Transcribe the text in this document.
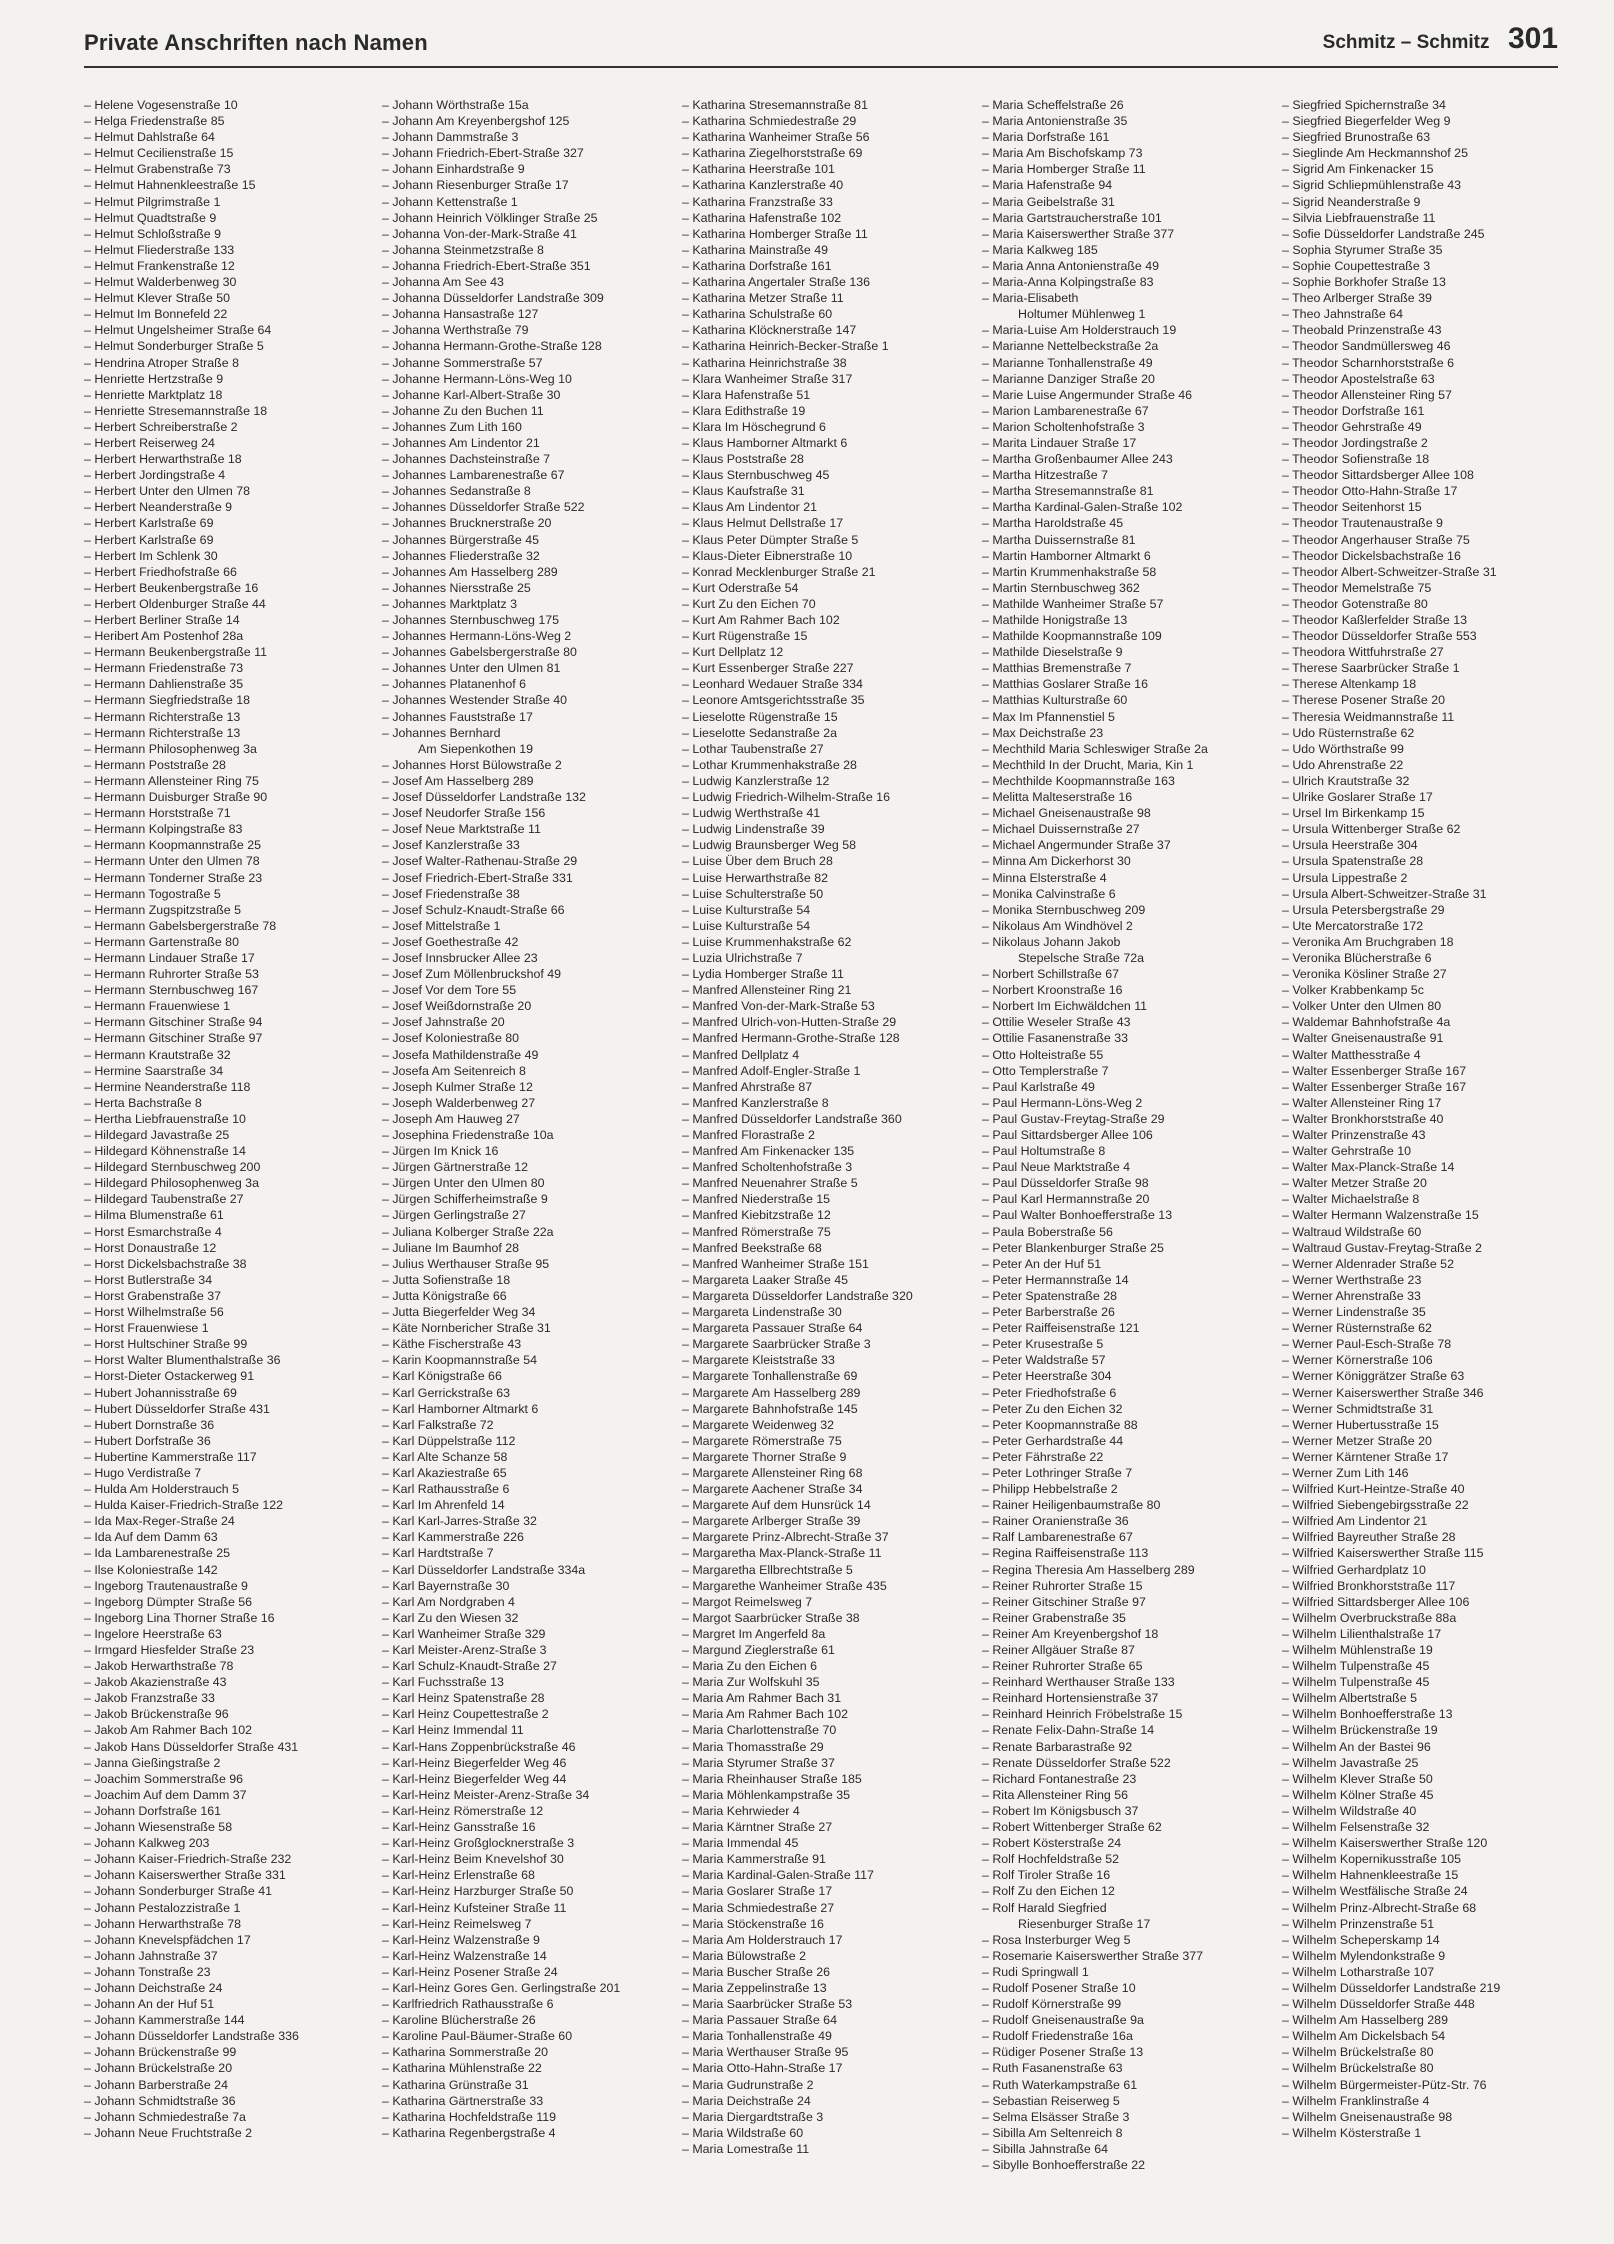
Private Anschriften nach Namen	Schmitz – Schmitz 301
– Helene Vogesenstraße 10
– Helga Friedenstraße 85
– Helmut Dahlstraße 64
– Helmut Cecilienstraße 15
– Helmut Grabenstraße 73
– Helmut Hahnenkleestraße 15
– Helmut Pilgrimstraße 1
– Helmut Quadtstraße 9
– Helmut Schloßstraße 9
– Helmut Fliederstraße 133
– Helmut Frankenstraße 12
– Helmut Walderbenweg 30
– Helmut Klever Straße 50
– Helmut Im Bonnefeld 22
– Helmut Ungelsheimer Straße 64
– Helmut Sonderburger Straße 5
– Hendrina Atroper Straße 8
– Henriette Hertzstraße 9
– Henriette Marktplatz 18
– Henriette Stresemannstraße 18
– Herbert Schreiberstraße 2
– Herbert Reiserweg 24
– Herbert Herwarthstraße 18
– Herbert Jordingstraße 4
– Herbert Unter den Ulmen 78
– Herbert Neanderstraße 9
– Herbert Karlstraße 69
– Herbert Karlstraße 69
– Herbert Im Schlenk 30
– Herbert Friedhofstraße 66
– Herbert Beukenbergstraße 16
– Herbert Oldenburger Straße 44
– Herbert Berliner Straße 14
– Heribert Am Postenhof 28a
– Hermann Beukenbergstraße 11
– Hermann Friedenstraße 73
– Hermann Dahlienstraße 35
– Hermann Siegfriedstraße 18
– Hermann Richterstraße 13
– Hermann Richterstraße 13
– Hermann Philosophenweg 3a
– Hermann Poststraße 28
– Hermann Allensteiner Ring 75
– Hermann Duisburger Straße 90
– Hermann Horststraße 71
– Hermann Kolpingstraße 83
– Hermann Koopmannstraße 25
– Hermann Unter den Ulmen 78
– Hermann Tonderner Straße 23
– Hermann Togostraße 5
– Hermann Zugspitzstraße 5
– Hermann Gabelsbergerstraße 78
– Hermann Gartenstraße 80
– Hermann Lindauer Straße 17
– Hermann Ruhrorter Straße 53
– Hermann Sternbuschweg 167
– Hermann Frauenwiese 1
– Hermann Gitschiner Straße 94
– Hermann Gitschiner Straße 97
– Hermann Krautstraße 32
– Hermine Saarstraße 34
– Hermine Neanderstraße 118
– Herta Bachstraße 8
– Hertha Liebfrauenstraße 10
– Hildegard Javastraße 25
– Hildegard Köhnenstraße 14
– Hildegard Sternbuschweg 200
– Hildegard Philosophenweg 3a
– Hildegard Taubenstraße 27
– Hilma Blumenstraße 61
– Horst Esmarchstraße 4
– Horst Donaustraße 12
– Horst Dickelsbachstraße 38
– Horst Butlerstraße 34
– Horst Grabenstraße 37
– Horst Wilhelmstraße 56
– Horst Frauenwiese 1
– Horst Hultschiner Straße 99
– Horst Walter Blumenthalstraße 36
– Horst-Dieter Ostackerweg 91
– Hubert Johannisstraße 69
– Hubert Düsseldorfer Straße 431
– Hubert Dornstraße 36
– Hubert Dorfstraße 36
– Hubertine Kammerstraße 117
– Hugo Verdistraße 7
– Hulda Am Holderstrauch 5
– Hulda Kaiser-Friedrich-Straße 122
– Ida Max-Reger-Straße 24
– Ida Auf dem Damm 63
– Ida Lambarenestraße 25
– Ilse Koloniestraße 142
– Ingeborg Trautenaustraße 9
– Ingeborg Dümpter Straße 56
– Ingeborg Lina Thorner Straße 16
– Ingelore Heerstraße 63
– Irmgard Hiesfelder Straße 23
– Jakob Herwarthstraße 78
– Jakob Akazienstraße 43
– Jakob Franzstraße 33
– Jakob Brückenstraße 96
– Jakob Am Rahmer Bach 102
– Jakob Hans Düsseldorfer Straße 431
– Janna Gießingstraße 2
– Joachim Sommerstraße 96
– Joachim Auf dem Damm 37
– Johann Dorfstraße 161
– Johann Wiesenstraße 58
– Johann Kalkweg 203
– Johann Kaiser-Friedrich-Straße 232
– Johann Kaiserswerther Straße 331
– Johann Sonderburger Straße 41
– Johann Pestalozzistraße 1
– Johann Herwarthstraße 78
– Johann Knevelspfädchen 17
– Johann Jahnstraße 37
– Johann Tonstraße 23
– Johann Deichstraße 24
– Johann An der Huf 51
– Johann Kammerstraße 144
– Johann Düsseldorfer Landstraße 336
– Johann Brückenstraße 99
– Johann Brückelstraße 20
– Johann Barberstraße 24
– Johann Schmidtstraße 36
– Johann Schmiedestraße 7a
– Johann Neue Fruchtstraße 2
– Johann Wörthstraße 15a
– Johann Am Kreyenbergshof 125
– Johann Dammstraße 3
– Johann Friedrich-Ebert-Straße 327
– Johann Einhardstraße 9
– Johann Riesenburger Straße 17
– Johann Kettenstraße 1
– Johann Heinrich Völklinger Straße 25
– Johanna Von-der-Mark-Straße 41
– Johanna Steinmetzstraße 8
– Johanna Friedrich-Ebert-Straße 351
– Johanna Am See 43
– Johanna Düsseldorfer Landstraße 309
– Johanna Hansastraße 127
– Johanna Werthstraße 79
– Johanna Hermann-Grothe-Straße 128
– Johanne Sommerstraße 57
– Johanne Hermann-Löns-Weg 10
– Johanne Karl-Albert-Straße 30
– Johanne Zu den Buchen 11
– Johannes Zum Lith 160
– Johannes Am Lindentor 21
– Johannes Dachsteinstraße 7
– Johannes Lambarenestraße 67
– Johannes Sedanstraße 8
– Johannes Düsseldorfer Straße 522
– Johannes Brucknerstraße 20
– Johannes Bürgerstraße 45
– Johannes Fliederstraße 32
– Johannes Am Hasselberg 289
– Johannes Niersstraße 25
– Johannes Marktplatz 3
– Johannes Sternbuschweg 175
– Johannes Hermann-Löns-Weg 2
– Johannes Gabelsbergerstraße 80
– Johannes Unter den Ulmen 81
– Johannes Platanenhof 6
– Johannes Westender Straße 40
– Johannes Fauststraße 17
– Johannes Bernhard
Am Siepenkothen 19
– Johannes Horst Bülowstraße 2
– Josef Am Hasselberg 289
– Josef Düsseldorfer Landstraße 132
– Josef Neudorfer Straße 156
– Josef Neue Marktstraße 11
– Josef Kanzlerstraße 33
– Josef Walter-Rathenau-Straße 29
– Josef Friedrich-Ebert-Straße 331
– Josef Friedenstraße 38
– Josef Schulz-Knaudt-Straße 66
– Josef Mittelstraße 1
– Josef Goethestraße 42
– Josef Innsbrucker Allee 23
– Josef Zum Möllenbruckshof 49
– Josef Vor dem Tore 55
– Josef Weißdornstraße 20
– Josef Jahnstraße 20
– Josef Koloniestraße 80
– Josefa Mathildenstraße 49
– Josefa Am Seitenreich 8
– Joseph Kulmer Straße 12
– Joseph Walderbenweg 27
– Joseph Am Hauweg 27
– Josephina Friedenstraße 10a
– Jürgen Im Knick 16
– Jürgen Gärtnerstraße 12
– Jürgen Unter den Ulmen 80
– Jürgen Schifferheimstraße 9
– Jürgen Gerlingstraße 27
– Juliana Kolberger Straße 22a
– Juliane Im Baumhof 28
– Julius Werthauser Straße 95
– Jutta Sofienstraße 18
– Jutta Königstraße 66
– Jutta Biegerfelder Weg 34
– Käte Nornbericher Straße 31
– Käthe Fischerstraße 43
– Karin Koopmannstraße 54
– Karl Königstraße 66
– Karl Gerrickstraße 63
– Karl Hamborner Altmarkt 6
– Karl Falkstraße 72
– Karl Düppelstraße 112
– Karl Alte Schanze 58
– Karl Akaziestraße 65
– Karl Rathausstraße 6
– Karl Im Ahrenfeld 14
– Karl Karl-Jarres-Straße 32
– Karl Kammerstraße 226
– Karl Hardtstraße 7
– Karl Düsseldorfer Landstraße 334a
– Karl Bayernstraße 30
– Karl Am Nordgraben 4
– Karl Zu den Wiesen 32
– Karl Wanheimer Straße 329
– Karl Meister-Arenz-Straße 3
– Karl Schulz-Knaudt-Straße 27
– Karl Fuchsstraße 13
– Karl Heinz Spatenstraße 28
– Karl Heinz Coupettestraße 2
– Karl Heinz Immendal 11
– Karl-Hans Zoppenbrückstraße 46
– Karl-Heinz Biegerfelder Weg 46
– Karl-Heinz Biegerfelder Weg 44
– Karl-Heinz Meister-Arenz-Straße 34
– Karl-Heinz Römerstraße 12
– Karl-Heinz Gansstraße 16
– Karl-Heinz Großglocknerstraße 3
– Karl-Heinz Beim Knevelshof 30
– Karl-Heinz Erlenstraße 68
– Karl-Heinz Harzburger Straße 50
– Karl-Heinz Kufsteiner Straße 11
– Karl-Heinz Reimelsweg 7
– Karl-Heinz Walzenstraße 9
– Karl-Heinz Walzenstraße 14
– Karl-Heinz Posener Straße 24
– Karl-Heinz Gores Gen. Gerlingstraße 201
– Karlfriedrich Rathausstraße 6
– Karoline Blücherstraße 26
– Karoline Paul-Bäumer-Straße 60
– Katharina Sommerstraße 20
– Katharina Mühlenstraße 22
– Katharina Grünstraße 31
– Katharina Gärtnerstraße 33
– Katharina Hochfeldstraße 119
– Katharina Regenbergstraße 4
– Katharina Stresemannstraße 81
– Katharina Schmiedestraße 29
– Katharina Wanheimer Straße 56
– Katharina Ziegelhorststraße 69
– Katharina Heerstraße 101
– Katharina Kanzlerstraße 40
– Katharina Franzstraße 33
– Katharina Hafenstraße 102
– Katharina Homberger Straße 11
– Katharina Mainstraße 49
– Katharina Dorfstraße 161
– Katharina Angertaler Straße 136
– Katharina Metzer Straße 11
– Katharina Schulstraße 60
– Katharina Klöcknerstraße 147
– Katharina Heinrich-Becker-Straße 1
– Katharina Heinrichstraße 38
– Klara Wanheimer Straße 317
– Klara Hafenstraße 51
– Klara Edithstraße 19
– Klara Im Höschegrund 6
– Klaus Hamborner Altmarkt 6
– Klaus Poststraße 28
– Klaus Sternbuschweg 45
– Klaus Kaufstraße 31
– Klaus Am Lindentor 21
– Klaus Helmut Dellstraße 17
– Klaus Peter Dümpter Straße 5
– Klaus-Dieter Eibnerstraße 10
– Konrad Mecklenburger Straße 21
– Kurt Oderstraße 54
– Kurt Zu den Eichen 70
– Kurt Am Rahmer Bach 102
– Kurt Rügenstraße 15
– Kurt Dellplatz 12
– Kurt Essenberger Straße 227
– Leonhard Wedauer Straße 334
– Leonore Amtsgerichtsstraße 35
– Lieselotte Rügenstraße 15
– Lieselotte Sedanstraße 2a
– Lothar Taubenstraße 27
– Lothar Krummenhakstraße 28
– Ludwig Kanzlerstraße 12
– Ludwig Friedrich-Wilhelm-Straße 16
– Ludwig Werthstraße 41
– Ludwig Lindenstraße 39
– Ludwig Braunsberger Weg 58
– Luise Über dem Bruch 28
– Luise Herwarthstraße 82
– Luise Schulterstraße 50
– Luise Kulturstraße 54
– Luise Kulturstraße 54
– Luise Krummenhakstraße 62
– Luzia Ulrichstraße 7
– Lydia Homberger Straße 11
– Manfred Allensteiner Ring 21
– Manfred Von-der-Mark-Straße 53
– Manfred Ulrich-von-Hutten-Straße 29
– Manfred Hermann-Grothe-Straße 128
– Manfred Dellplatz 4
– Manfred Adolf-Engler-Straße 1
– Manfred Ahrstraße 87
– Manfred Kanzlerstraße 8
– Manfred Düsseldorfer Landstraße 360
– Manfred Florastraße 2
– Manfred Am Finkenacker 135
– Manfred Scholtenhofstraße 3
– Manfred Neuenahrer Straße 5
– Manfred Niederstraße 15
– Manfred Kiebitzstraße 12
– Manfred Römerstraße 75
– Manfred Beekstraße 68
– Manfred Wanheimer Straße 151
– Margareta Laaker Straße 45
– Margareta Düsseldorfer Landstraße 320
– Margareta Lindenstraße 30
– Margareta Passauer Straße 64
– Margarete Saarbrücker Straße 3
– Margarete Kleiststraße 33
– Margarete Tonhallenstraße 69
– Margarete Am Hasselberg 289
– Margarete Bahnhofstraße 145
– Margarete Weidenweg 32
– Margarete Römerstraße 75
– Margarete Thorner Straße 9
– Margarete Allensteiner Ring 68
– Margarete Aachener Straße 34
– Margarete Auf dem Hunsrück 14
– Margarete Arlberger Straße 39
– Margarete Prinz-Albrecht-Straße 37
– Margaretha Max-Planck-Straße 11
– Margaretha Ellbrechtstraße 5
– Margarethe Wanheimer Straße 435
– Margot Reimelsweg 7
– Margot Saarbrücker Straße 38
– Margret Im Angerfeld 8a
– Margund Zieglerstraße 61
– Maria Zu den Eichen 6
– Maria Zur Wolfskuhl 35
– Maria Am Rahmer Bach 31
– Maria Am Rahmer Bach 102
– Maria Charlottenstraße 70
– Maria Thomasstraße 29
– Maria Styrumer Straße 37
– Maria Rheinhauser Straße 185
– Maria Möhlenkampstraße 35
– Maria Kehrwieder 4
– Maria Kärntner Straße 27
– Maria Immendal 45
– Maria Kammerstraße 91
– Maria Kardinal-Galen-Straße 117
– Maria Goslarer Straße 17
– Maria Schmiedestraße 27
– Maria Stöckenstraße 16
– Maria Am Holderstrauch 17
– Maria Bülowstraße 2
– Maria Buscher Straße 26
– Maria Zeppelinstraße 13
– Maria Saarbrücker Straße 53
– Maria Passauer Straße 64
– Maria Tonhallenstraße 49
– Maria Werthauser Straße 95
– Maria Otto-Hahn-Straße 17
– Maria Gudrunstraße 2
– Maria Deichstraße 24
– Maria Diergardtstraße 3
– Maria Wildstraße 60
– Maria Lomestraße 11
– Maria Scheffelstraße 26
– Maria Antonienstraße 35
– Maria Dorfstraße 161
– Maria Am Bischofskamp 73
– Maria Homberger Straße 11
– Maria Hafenstraße 94
– Maria Geibelstraße 31
– Maria Gartstraucherstraße 101
– Maria Kaiserswerther Straße 377
– Maria Kalkweg 185
– Maria Anna Antonienstraße 49
– Maria-Anna Kolpingstraße 83
– Maria-Elisabeth
Holtumer Mühlenweg 1
– Maria-Luise Am Holderstrauch 19
– Marianne Nettelbeckstraße 2a
– Marianne Tonhallenstraße 49
– Marianne Danziger Straße 20
– Marie Luise Angermunder Straße 46
– Marion Lambarenestraße 67
– Marion Scholtenhofstraße 3
– Marita Lindauer Straße 17
– Martha Großenbaumer Allee 243
– Martha Hitzestraße 7
– Martha Stresemannstraße 81
– Martha Kardinal-Galen-Straße 102
– Martha Haroldstraße 45
– Martha Duissernstraße 81
– Martin Hamborner Altmarkt 6
– Martin Krummenhakstraße 58
– Martin Sternbuschweg 362
– Mathilde Wanheimer Straße 57
– Mathilde Honigstraße 13
– Mathilde Koopmannstraße 109
– Mathilde Dieselstraße 9
– Matthias Bremenstraße 7
– Matthias Goslarer Straße 16
– Matthias Kulturstraße 60
– Max Im Pfannenstiel 5
– Max Deichstraße 23
– Mechthild Maria Schleswiger Straße 2a
– Mechthild In der Drucht, Maria, Kin 1
– Mechthilde Koopmannstraße 163
– Melitta Malteserstraße 16
– Michael Gneisenaustraße 98
– Michael Duissernstraße 27
– Michael Angermunder Straße 37
– Minna Am Dickerhorst 30
– Minna Elsterstraße 4
– Monika Calvinstraße 6
– Monika Sternbuschweg 209
– Nikolaus Am Windhövel 2
– Nikolaus Johann Jakob
Stepelsche Straße 72a
– Norbert Schillstraße 67
– Norbert Kroonstraße 16
– Norbert Im Eichwäldchen 11
– Ottilie Weseler Straße 43
– Ottilie Fasanenstraße 33
– Otto Holteistraße 55
– Otto Templerstraße 7
– Paul Karlstraße 49
– Paul Hermann-Löns-Weg 2
– Paul Gustav-Freytag-Straße 29
– Paul Sittardsberger Allee 106
– Paul Holtumstraße 8
– Paul Neue Marktstraße 4
– Paul Düsseldorfer Straße 98
– Paul Karl Hermannstraße 20
– Paul Walter Bonhoefferstraße 13
– Paula Boberstraße 56
– Peter Blankenburger Straße 25
– Peter An der Huf 51
– Peter Hermannstraße 14
– Peter Spatenstraße 28
– Peter Barberstraße 26
– Peter Raiffeisenstraße 121
– Peter Krusestraße 5
– Peter Waldstraße 57
– Peter Heerstraße 304
– Peter Friedhofstraße 6
– Peter Zu den Eichen 32
– Peter Koopmannstraße 88
– Peter Gerhardstraße 44
– Peter Fährstraße 22
– Peter Lothringer Straße 7
– Philipp Hebbelstraße 2
– Rainer Heiligenbaumstraße 80
– Rainer Oranienstraße 36
– Ralf Lambarenestraße 67
– Regina Raiffeisenstraße 113
– Regina Theresia Am Hasselberg 289
– Reiner Ruhrorter Straße 15
– Reiner Gitschiner Straße 97
– Reiner Grabenstraße 35
– Reiner Am Kreyenbergshof 18
– Reiner Allgäuer Straße 87
– Reiner Ruhrorter Straße 65
– Reinhard Werthauser Straße 133
– Reinhard Hortensienstraße 37
– Reinhard Heinrich Fröbelstraße 15
– Renate Felix-Dahn-Straße 14
– Renate Barbarastraße 92
– Renate Düsseldorfer Straße 522
– Richard Fontanestraße 23
– Rita Allensteiner Ring 56
– Robert Im Königsbusch 37
– Robert Wittenberger Straße 62
– Robert Kösterstraße 24
– Rolf Hochfeldstraße 52
– Rolf Tiroler Straße 16
– Rolf Zu den Eichen 12
– Rolf Harald Siegfried
Riesenburger Straße 17
– Rosa Insterburger Weg 5
– Rosemarie Kaiserswerther Straße 377
– Rudi Springwall 1
– Rudolf Posener Straße 10
– Rudolf Körnerstraße 99
– Rudolf Gneisenaustraße 9a
– Rudolf Friedenstraße 16a
– Rüdiger Posener Straße 13
– Ruth Fasanenstraße 63
– Ruth Waterkampstraße 61
– Sebastian Reiserweg 5
– Selma Elsässer Straße 3
– Sibilla Am Seltenreich 8
– Sibilla Jahnstraße 64
– Sibylle Bonhoefferstraße 22
– Siegfried Spichernstraße 34
– Siegfried Biegerfelder Weg 9
– Siegfried Brunostraße 63
– Sieglinde Am Heckmannshof 25
– Sigrid Am Finkenacker 15
– Sigrid Schliepmühlenstraße 43
– Sigrid Neanderstraße 9
– Silvia Liebfrauenstraße 11
– Sofie Düsseldorfer Landstraße 245
– Sophia Styrumer Straße 35
– Sophie Coupettestraße 3
– Sophie Borkhofer Straße 13
– Theo Arlberger Straße 39
– Theo Jahnstraße 64
– Theobald Prinzenstraße 43
– Theodor Sandmüllersweg 46
– Theodor Scharnhorststraße 6
– Theodor Apostelstraße 63
– Theodor Allensteiner Ring 57
– Theodor Dorfstraße 161
– Theodor Gehrstraße 49
– Theodor Jordingstraße 2
– Theodor Sofienstraße 18
– Theodor Sittardsberger Allee 108
– Theodor Otto-Hahn-Straße 17
– Theodor Seitenhorst 15
– Theodor Trautenaustraße 9
– Theodor Angerhauser Straße 75
– Theodor Dickelsbachstraße 16
– Theodor Albert-Schweitzer-Straße 31
– Theodor Memelstraße 75
– Theodor Gotenstraße 80
– Theodor Kaßlerfelder Straße 13
– Theodor Düsseldorfer Straße 553
– Theodora Wittfuhrstraße 27
– Therese Saarbrücker Straße 1
– Therese Altenkamp 18
– Therese Posener Straße 20
– Theresia Weidmannstraße 11
– Udo Rüsternstraße 62
– Udo Wörthstraße 99
– Udo Ahrenstraße 22
– Ulrich Krautstraße 32
– Ulrike Goslarer Straße 17
– Ursel Im Birkenkamp 15
– Ursula Wittenberger Straße 62
– Ursula Heerstraße 304
– Ursula Spatenstraße 28
– Ursula Lippestraße 2
– Ursula Albert-Schweitzer-Straße 31
– Ursula Petersbergstraße 29
– Ute Mercatorstraße 172
– Veronika Am Bruchgraben 18
– Veronika Blücherstraße 6
– Veronika Kösliner Straße 27
– Volker Krabbenkamp 5c
– Volker Unter den Ulmen 80
– Waldemar Bahnhofstraße 4a
– Walter Gneisenaustraße 91
– Walter Matthesstraße 4
– Walter Essenberger Straße 167
– Walter Essenberger Straße 167
– Walter Allensteiner Ring 17
– Walter Bronkhorststraße 40
– Walter Prinzenstraße 43
– Walter Gehrstraße 10
– Walter Max-Planck-Straße 14
– Walter Metzer Straße 20
– Walter Michaelstraße 8
– Walter Hermann Walzenstraße 15
– Waltraud Wildstraße 60
– Waltraud Gustav-Freytag-Straße 2
– Werner Aldenrader Straße 52
– Werner Werthstraße 23
– Werner Ahrenstraße 33
– Werner Lindenstraße 35
– Werner Rüsternstraße 62
– Werner Paul-Esch-Straße 78
– Werner Körnerstraße 106
– Werner Königgrätzer Straße 63
– Werner Kaiserswerther Straße 346
– Werner Schmidtstraße 31
– Werner Hubertusstraße 15
– Werner Metzer Straße 20
– Werner Kärntener Straße 17
– Werner Zum Lith 146
– Wilfried Kurt-Heintze-Straße 40
– Wilfried Siebengebirgsstraße 22
– Wilfried Am Lindentor 21
– Wilfried Bayreuther Straße 28
– Wilfried Kaiserswerther Straße 115
– Wilfried Gerhardplatz 10
– Wilfried Bronkhorststraße 117
– Wilfried Sittardsberger Allee 106
– Wilhelm Overbruckstraße 88a
– Wilhelm Lilienthalstraße 17
– Wilhelm Mühlenstraße 19
– Wilhelm Tulpenstraße 45
– Wilhelm Tulpenstraße 45
– Wilhelm Albertstraße 5
– Wilhelm Bonhoefferstraße 13
– Wilhelm Brückenstraße 19
– Wilhelm An der Bastei 96
– Wilhelm Javastraße 25
– Wilhelm Klever Straße 50
– Wilhelm Kölner Straße 45
– Wilhelm Wildstraße 40
– Wilhelm Felsenstraße 32
– Wilhelm Kaiserswerther Straße 120
– Wilhelm Kopernikusstraße 105
– Wilhelm Hahnenkleestraße 15
– Wilhelm Westfälische Straße 24
– Wilhelm Prinz-Albrecht-Straße 68
– Wilhelm Prinzenstraße 51
– Wilhelm Scheperskamp 14
– Wilhelm Mylendonkstraße 9
– Wilhelm Lotharstraße 107
– Wilhelm Düsseldorfer Landstraße 219
– Wilhelm Düsseldorfer Straße 448
– Wilhelm Am Hasselberg 289
– Wilhelm Am Dickelsbach 54
– Wilhelm Brückelstraße 80
– Wilhelm Brückelstraße 80
– Wilhelm Bürgermeister-Pütz-Str. 76
– Wilhelm Franklinstraße 4
– Wilhelm Gneisenaustraße 98
– Wilhelm Kösterstraße 1
